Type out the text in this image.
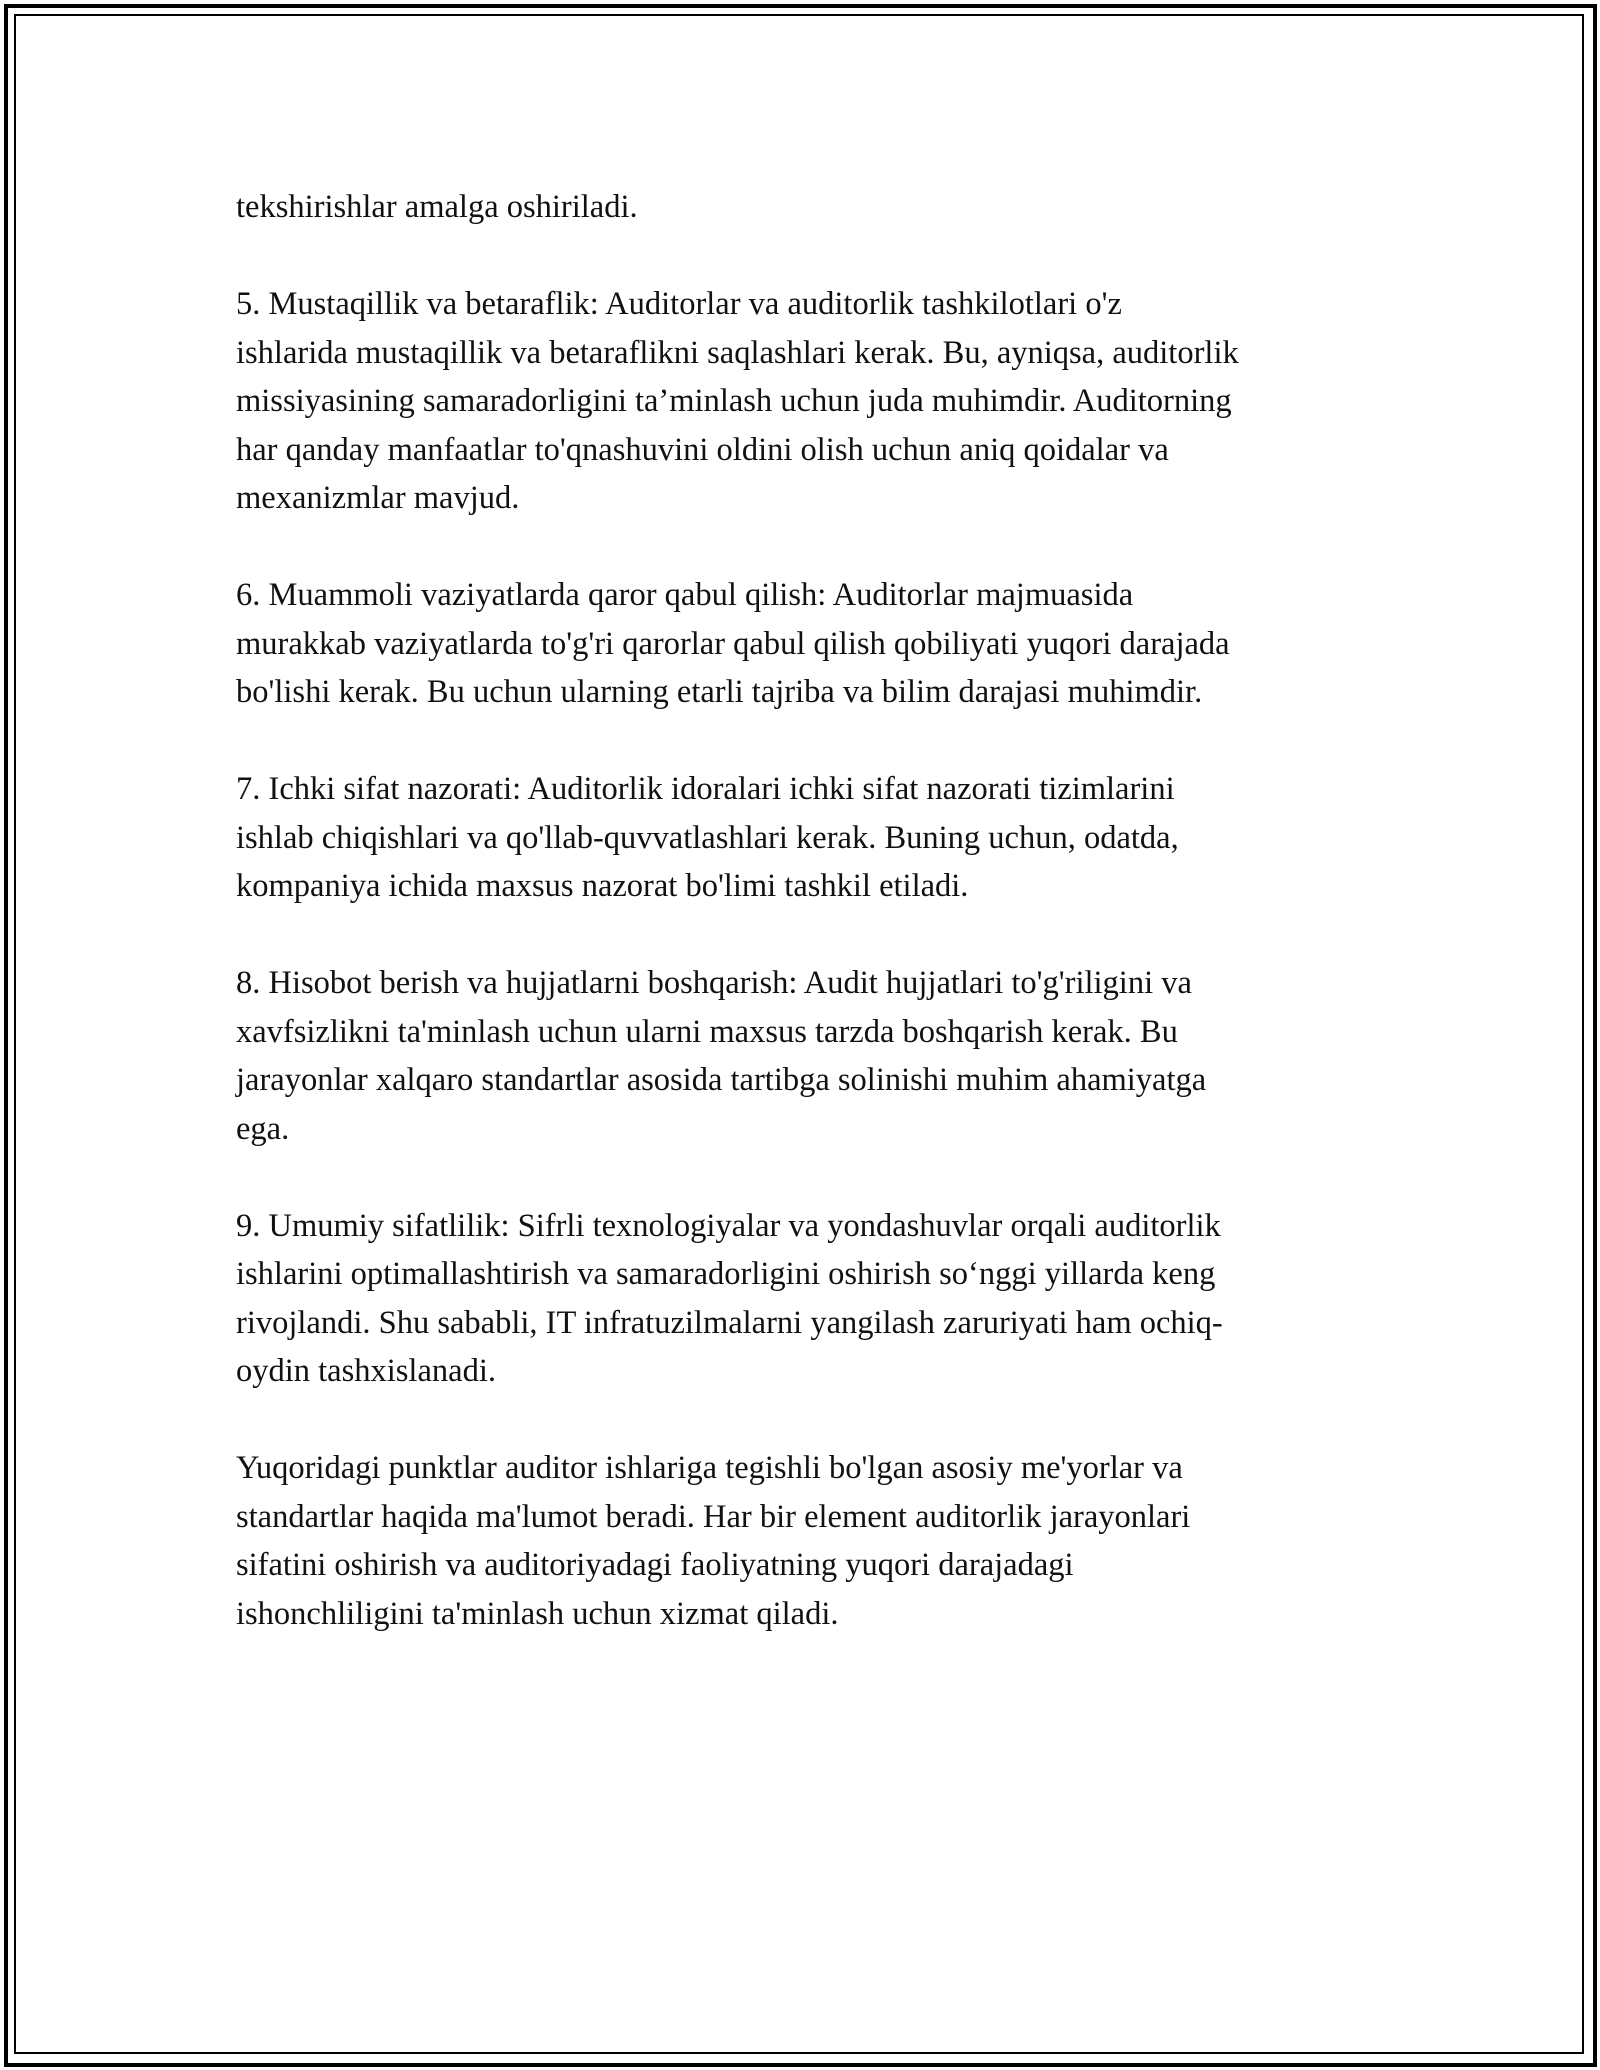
tekshirishlar amalga oshiriladi.
5. Mustaqillik va betaraflik: Auditorlar va auditorlik tashkilotlari o'z
ishlarida mustaqillik va betaraflikni saqlashlari kerak. Bu, ayniqsa, auditorlik
missiyasining samaradorligini ta’minlash uchun juda muhimdir. Auditorning
har qanday manfaatlar to'qnashuvini oldini olish uchun aniq qoidalar va
mexanizmlar mavjud.
6. Muammoli vaziyatlarda qaror qabul qilish: Auditorlar majmuasida
murakkab vaziyatlarda to'g'ri qarorlar qabul qilish qobiliyati yuqori darajada
bo'lishi kerak. Bu uchun ularning etarli tajriba va bilim darajasi muhimdir.
7. Ichki sifat nazorati: Auditorlik idoralari ichki sifat nazorati tizimlarini
ishlab chiqishlari va qo'llab-quvvatlashlari kerak. Buning uchun, odatda,
kompaniya ichida maxsus nazorat bo'limi tashkil etiladi.
8. Hisobot berish va hujjatlarni boshqarish: Audit hujjatlari to'g'riligini va
xavfsizlikni ta'minlash uchun ularni maxsus tarzda boshqarish kerak. Bu
jarayonlar xalqaro standartlar asosida tartibga solinishi muhim ahamiyatga
ega.
9. Umumiy sifatlilik: Sifrli texnologiyalar va yondashuvlar orqali auditorlik
ishlarini optimallashtirish va samaradorligini oshirish so‘nggi yillarda keng
rivojlandi. Shu sababli, IT infratuzilmalarni yangilash zaruriyati ham ochiq-
oydin tashxislanadi.
Yuqoridagi punktlar auditor ishlariga tegishli bo'lgan asosiy me'yorlar va
standartlar haqida ma'lumot beradi. Har bir element auditorlik jarayonlari
sifatini oshirish va auditoriyadagi faoliyatning yuqori darajadagi
ishonchliligini ta'minlash uchun xizmat qiladi.
